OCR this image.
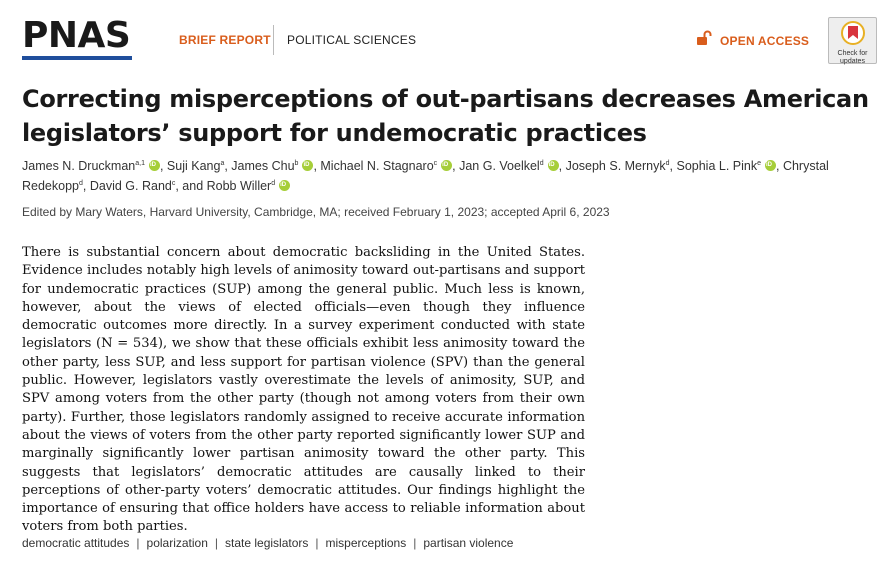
PNAS	BRIEF REPORT POLITICAL SCIENCES	OPEN ACCESS
Check for updates
Correcting misperceptions of out-partisans decreases American legislators’ support for undemocratic practices
James N. Druckman$^{a,1}$ iD , Suji Kang$^a$, James Chu$^b$ iD , Michael N. Stagnaro$^c$ iD , Jan G. Voelkel$^d$ iD , Joseph S. Mernyk$^d$, Sophia L. Pink$^e$ iD , Chrystal Redekopp$^d$, David G. Rand$^c$, and Robb Willer$^d$iD
Edited by Mary Waters, Harvard University, Cambridge, MA; received February 1, 2023; accepted April 6, 2023

There is substantial concern about democratic backsliding in the United States. Evidence includes notably high levels of animosity toward out-partisans and support for undemocratic practices (SUP) among the general public. Much less is known, however, about the views of elected officials—even though they influence democratic outcomes more directly. In a survey experiment conducted with state legislators (N = 534), we show that these officials exhibit less animosity toward the other party, less SUP, and less support for partisan violence (SPV) than the general public. However, legislators vastly overestimate the levels of animosity, SUP, and SPV among voters from the other party (though not among voters from their own party). Further, those legislators randomly assigned to receive accurate information about the views of voters from the other party reported significantly lower SUP and marginally significantly lower partisan animosity toward the other party. This suggests that legislators’ democratic attitudes are causally linked to their perceptions of other-party voters’ democratic attitudes. Our findings highlight the importance of ensuring that office holders have access to reliable information about voters from both parties.

democratic attitudes | polarization | state legislators | misperceptions | partisan violence
